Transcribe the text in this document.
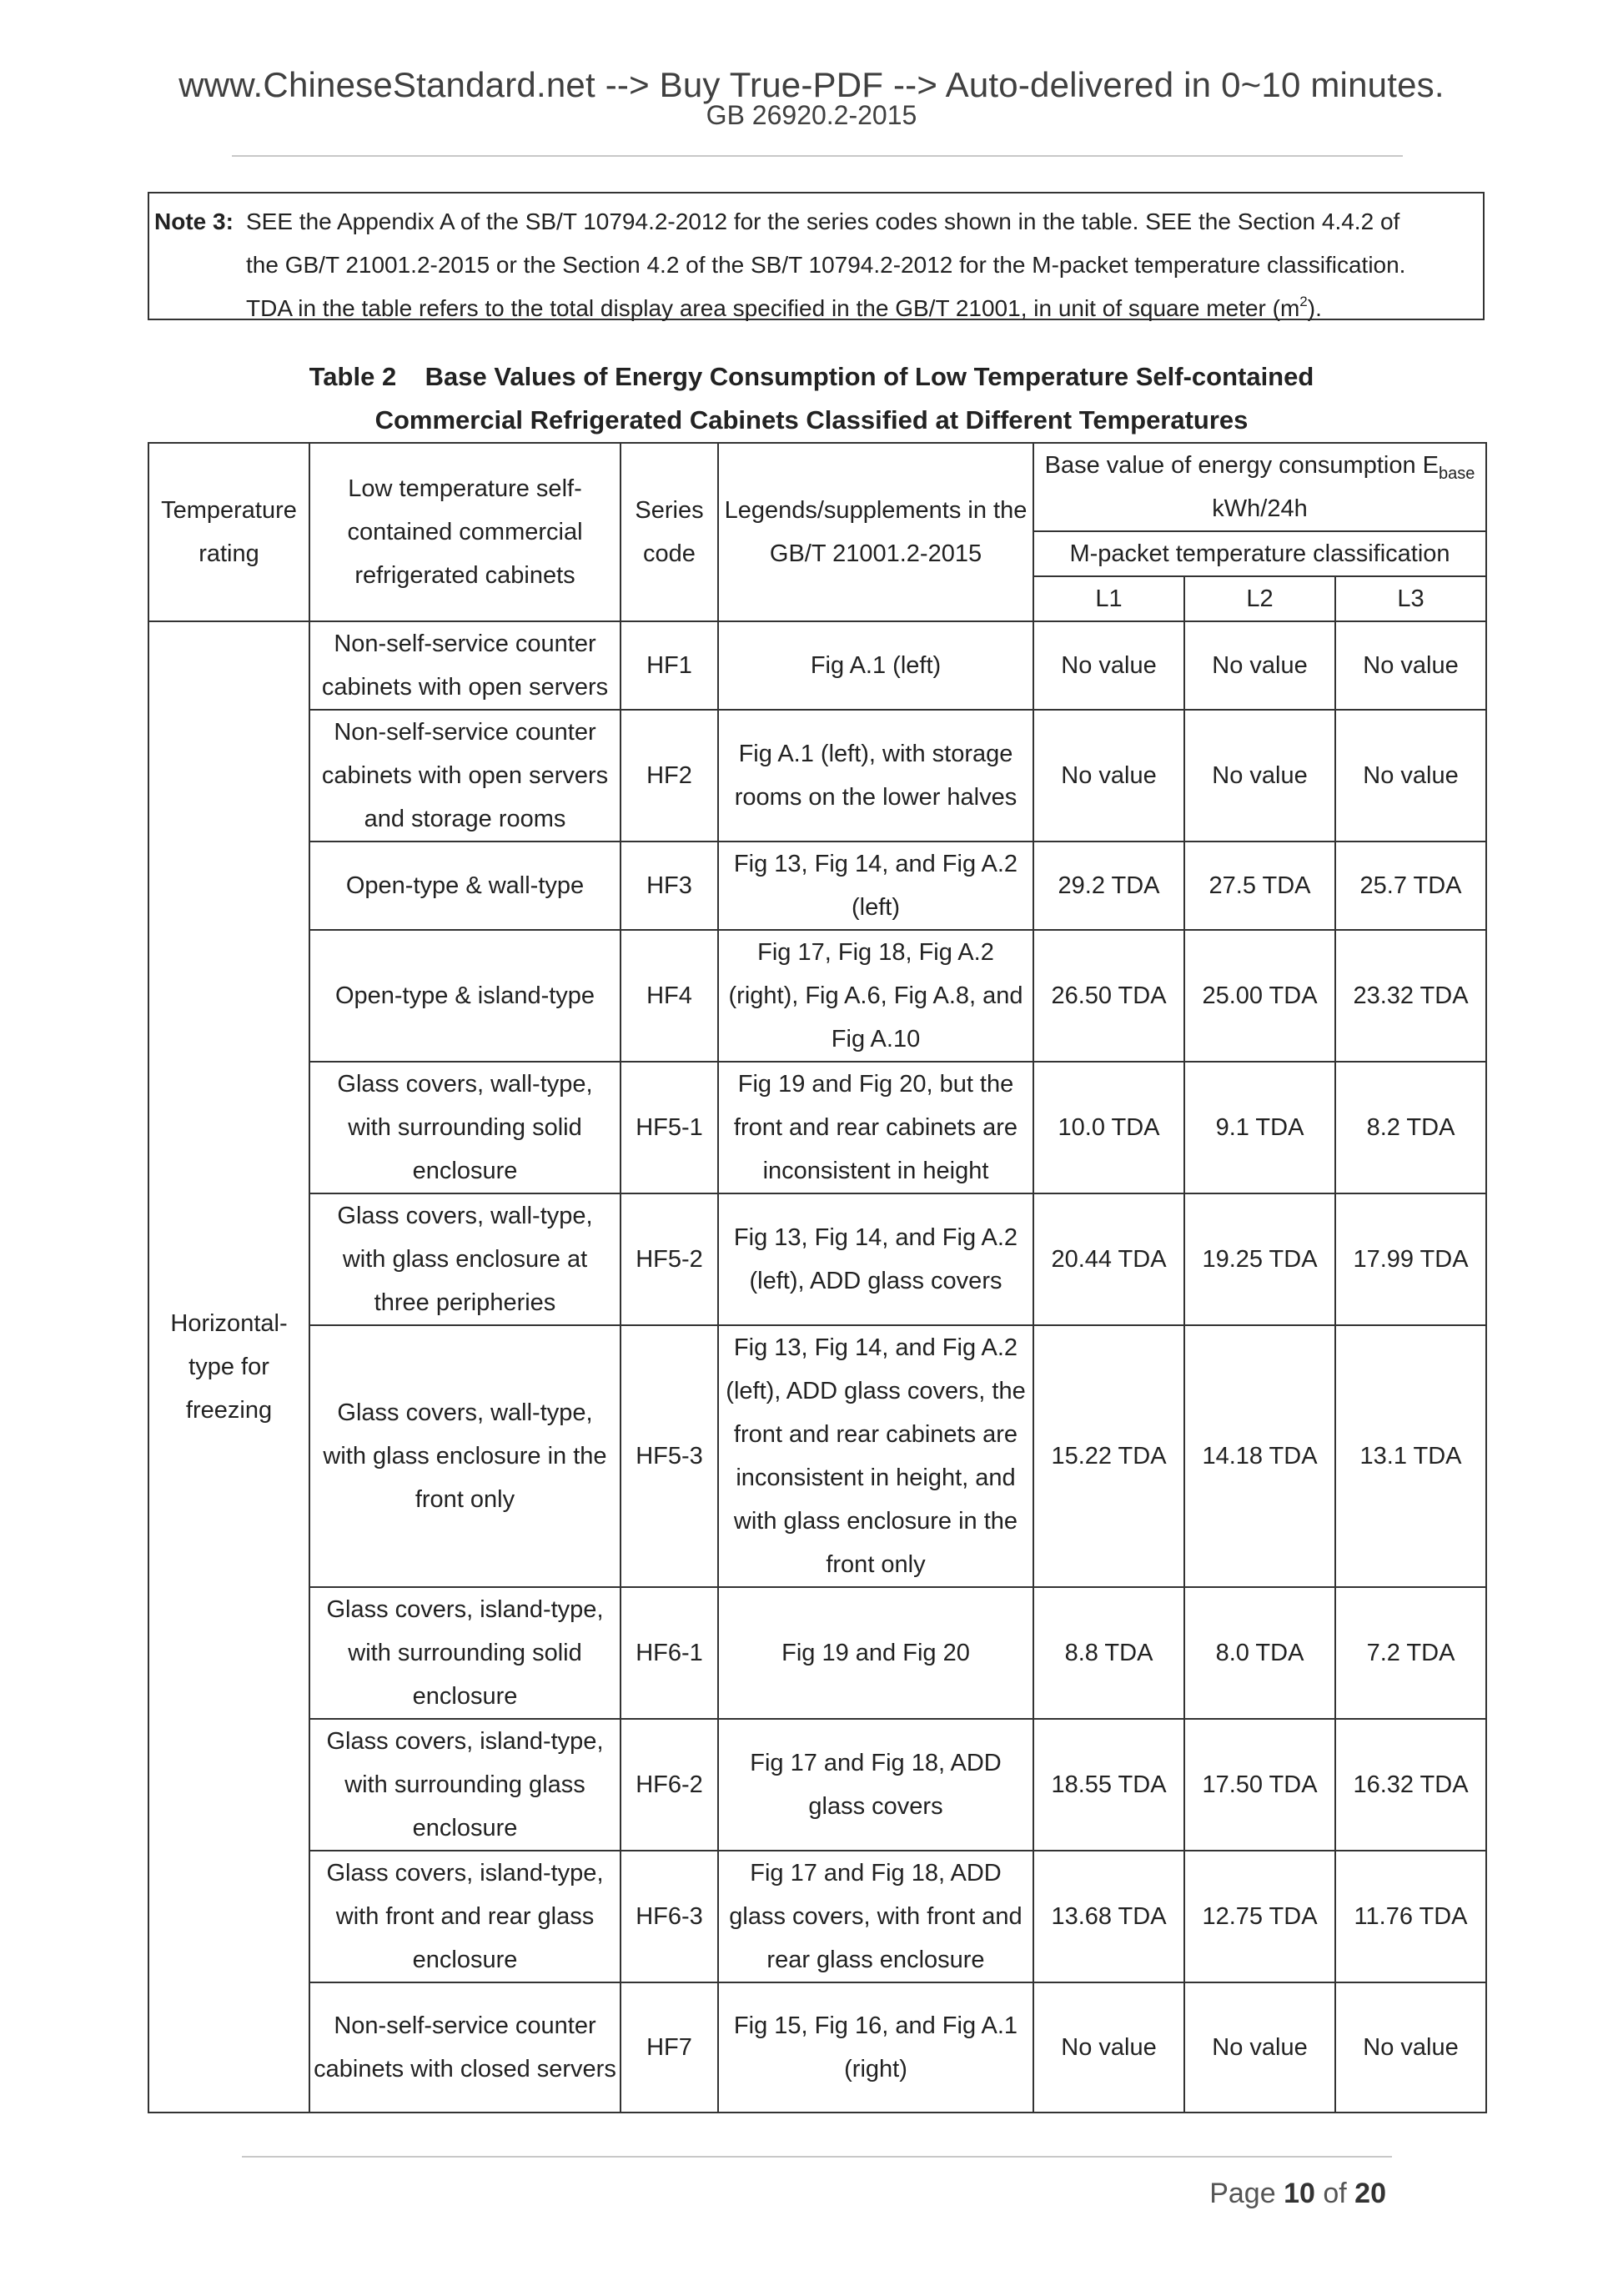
www.ChineseStandard.net --> Buy True-PDF --> Auto-delivered in 0~10 minutes.
GB 26920.2-2015
Note 3: SEE the Appendix A of the SB/T 10794.2-2012 for the series codes shown in the table. SEE the Section 4.4.2 of
the GB/T 21001.2-2015 or the Section 4.2 of the SB/T 10794.2-2012 for the M-packet temperature classification.
TDA in the table refers to the total display area specified in the GB/T 21001, in unit of square meter $(m^2)$.
Table 2    Base Values of Energy Consumption of Low Temperature Self-contained
Commercial Refrigerated Cabinets Classified at Different Temperatures
Temperature rating	Low temperature self-contained commercial refrigerated cabinets	Series code	Legends/supplements in the GB/T 21001.2-2015	Base value of energy consumption $E_{base}$
kWh/24h		

				M-packet temperature classification		
				L1	L2	L3

Horizontal-type for freezing	Non-self-service counter cabinets with open servers	HF1	Fig A.1 (left)	No value	No value	No value
	Non-self-service counter cabinets with open servers and storage rooms	HF2	Fig A.1 (left), with storage rooms on the lower halves	No value	No value	No value
	Open-type & wall-type	HF3	Fig 13, Fig 14, and Fig A.2 (left)	29.2 TDA	27.5 TDA	25.7 TDA
	Open-type & island-type	HF4	Fig 17, Fig 18, Fig A.2 (right), Fig A.6, Fig A.8, and Fig A.10	26.50 TDA	25.00 TDA	23.32 TDA
	Glass covers, wall-type, with surrounding solid enclosure	HF5-1	Fig 19 and Fig 20, but the front and rear cabinets are inconsistent in height	10.0 TDA	9.1 TDA	8.2 TDA
	Glass covers, wall-type, with glass enclosure at three peripheries	HF5-2	Fig 13, Fig 14, and Fig A.2 (left), ADD glass covers	20.44 TDA	19.25 TDA	17.99 TDA
	Glass covers, wall-type, with glass enclosure in the front only	HF5-3	Fig 13, Fig 14, and Fig A.2 (left), ADD glass covers, the front and rear cabinets are inconsistent in height, and with glass enclosure in the front only	15.22 TDA	14.18 TDA	13.1 TDA
	Glass covers, island-type, with surrounding solid enclosure	HF6-1	Fig 19 and Fig 20	8.8 TDA	8.0 TDA	7.2 TDA
	Glass covers, island-type, with surrounding glass enclosure	HF6-2	Fig 17 and Fig 18, ADD glass covers	18.55 TDA	17.50 TDA	16.32 TDA
	Glass covers, island-type, with front and rear glass enclosure	HF6-3	Fig 17 and Fig 18, ADD glass covers, with front and rear glass enclosure	13.68 TDA	12.75 TDA	11.76 TDA
	Non-self-service counter cabinets with closed servers	HF7	Fig 15, Fig 16, and Fig A.1 (right)	No value	No value	No value
Page 10 of 20
